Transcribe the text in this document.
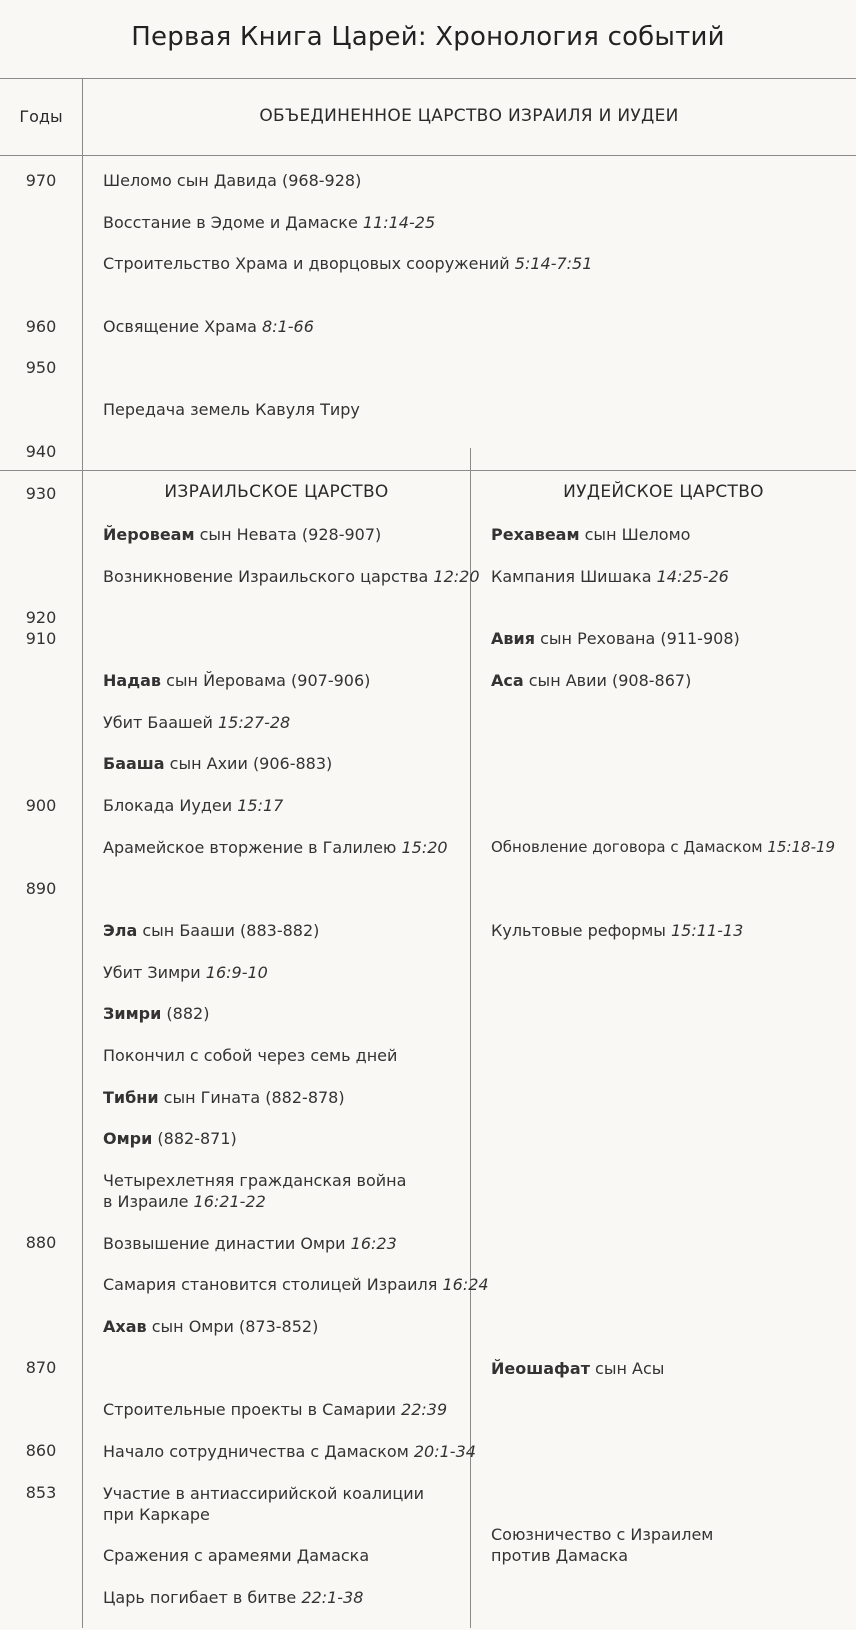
Первая Книга Царей: Хронология событий
Годы	ОБЪЕДИНЕННОЕ ЦАРСТВО ИЗРАИЛЯ И ИУДЕИ
ИЗРАИЛЬСКОЕ ЦАРСТВО	ИУДЕЙСКОЕ ЦАРСТВО
970
960
950
940
930
920
910
900
890
880
870
860
853
Шеломо сын Давида (968-928)
Восстание в Эдоме и Дамаске 11:14-25
Строительство Храма и дворцовых сооружений 5:14-7:51
Освящение Храма 8:1-66
Передача земель Кавуля Тиру
Йеровеам сын Невата (928-907)
Возникновение Израильского царства 12:20
Надав сын Йеровама (907-906)
Убит Баашей 15:27-28
Бааша сын Ахии (906-883)
Блокада Иудеи 15:17
Арамейское вторжение в Галилею 15:20
Эла сын Бааши (883-882)
Убит Зимри 16:9-10
Зимри (882)
Покончил с собой через семь дней
Тибни сын Гината (882-878)
Омри (882-871)
Четырехлетняя гражданская война
в Израиле 16:21-22
Возвышение династии Омри 16:23
Самария становится столицей Израиля 16:24
Ахав сын Омри (873-852)
Строительные проекты в Самарии 22:39
Начало сотрудничества с Дамаском 20:1-34
Участие в антиассирийской коалиции
при Каркаре
Сражения с арамеями Дамаска
Царь погибает в битве 22:1-38
Рехавеам сын Шеломо
Кампания Шишака 14:25-26
Авия сын Рехована (911-908)
Аса сын Авии (908-867)
Обновление договора с Дамаском 15:18-19
Культовые реформы 15:11-13
Йеошафат сын Асы
Союзничество с Израилем
против Дамаска
